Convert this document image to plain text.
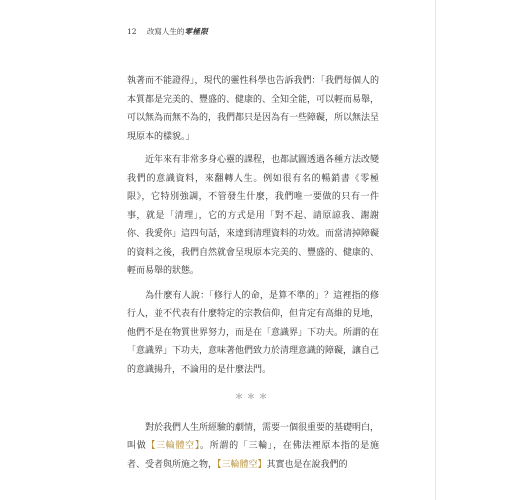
12 改寫人生的零極限

執著而不能證得」，現代的靈性科學也告訴我們：「我們每個人的本質都是完美的、豐盛的、健康的、全知全能，可以輕而易舉，可以無為而無不為的，我們都只是因為有一些障礙，所以無法呈現原本的樣貌。」

近年來有非常多身心靈的課程，也都試圖透過各種方法改變我們的意識資料，來翻轉人生。例如很有名的暢銷書《零極限》，它特別強調，不管發生什麼，我們唯一要做的只有一件事，就是「清理」，它的方式是用「對不起、請原諒我、謝謝你、我愛你」這四句話，來達到清理資料的功效。而當清掉障礙的資料之後，我們自然就會呈現原本完美的、豐盛的、健康的、輕而易舉的狀態。

為什麼有人說：「修行人的命，是算不準的」？這裡指的修行人，並不代表有什麼特定的宗教信仰，但肯定有高維的見地，他們不是在物質世界努力，而是在「意識界」下功夫。所謂的在「意識界」下功夫，意味著他們致力於清理意識的障礙，讓自己的意識揚升，不論用的是什麼法門。

＊＊＊

對於我們人生所經驗的劇情，需要一個很重要的基礎明白，叫做【三輪體空】。所謂的「三輪」，在佛法裡原本指的是施者、受者與所施之物，【三輪體空】其實也是在說我們的
